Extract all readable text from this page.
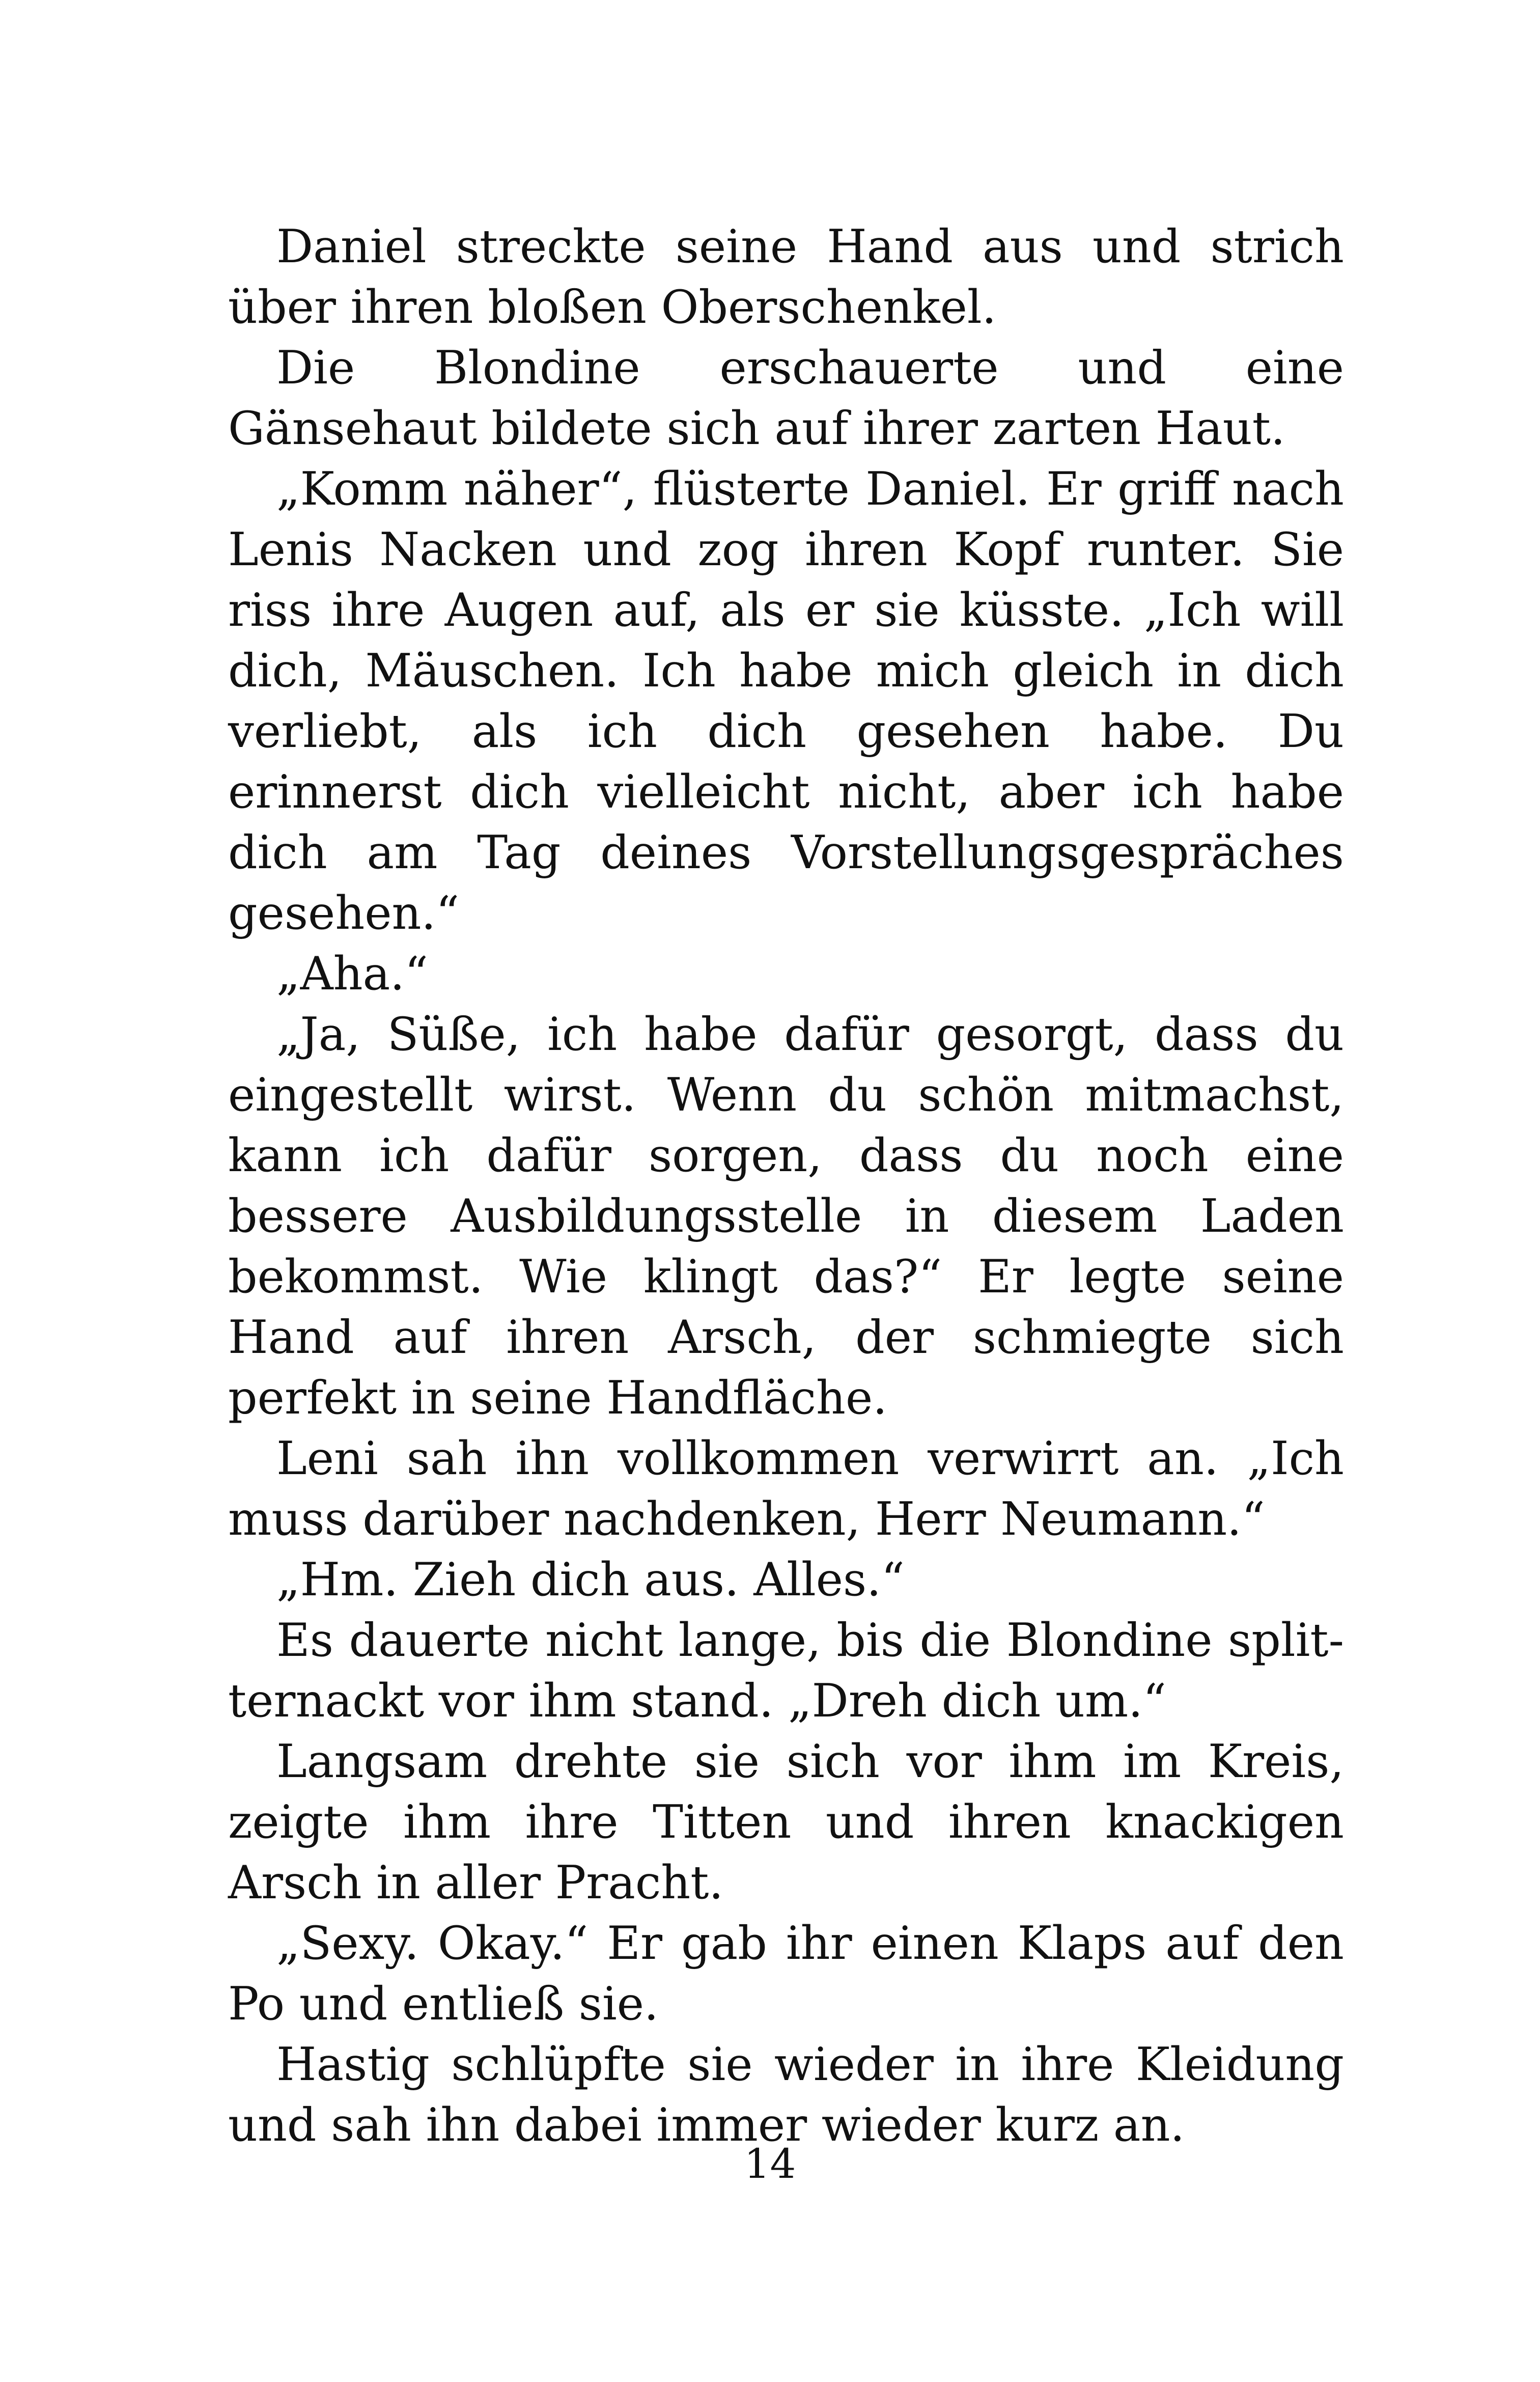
Daniel streckte seine Hand aus und strich über ihren bloßen Oberschenkel.

Die Blondine erschauerte und eine Gänsehaut bildete sich auf ihrer zarten Haut.

„Komm näher“, flüsterte Daniel. Er griff nach Lenis Nacken und zog ihren Kopf runter. Sie riss ihre Augen auf, als er sie küsste. „Ich will dich, Mäuschen. Ich habe mich gleich in dich verliebt, als ich dich gesehen habe. Du erinnerst dich vielleicht nicht, aber ich habe dich am Tag deines Vorstellungsgespräches gesehen.“

„Aha.“

„Ja, Süße, ich habe dafür gesorgt, dass du eingestellt wirst. Wenn du schön mitmachst, kann ich dafür sorgen, dass du noch eine bessere Ausbildungsstelle in diesem Laden bekommst. Wie klingt das?“ Er legte seine Hand auf ihren Arsch, der schmiegte sich perfekt in seine Handfläche.

Leni sah ihn vollkommen verwirrt an. „Ich muss darüber nachdenken, Herr Neumann.“

„Hm. Zieh dich aus. Alles.“

Es dauerte nicht lange, bis die Blondine splitternackt vor ihm stand. „Dreh dich um.“

Langsam drehte sie sich vor ihm im Kreis, zeigte ihm ihre Titten und ihren knackigen Arsch in aller Pracht.

„Sexy. Okay.“ Er gab ihr einen Klaps auf den Po und entließ sie.

Hastig schlüpfte sie wieder in ihre Kleidung und sah ihn dabei immer wieder kurz an.

14
